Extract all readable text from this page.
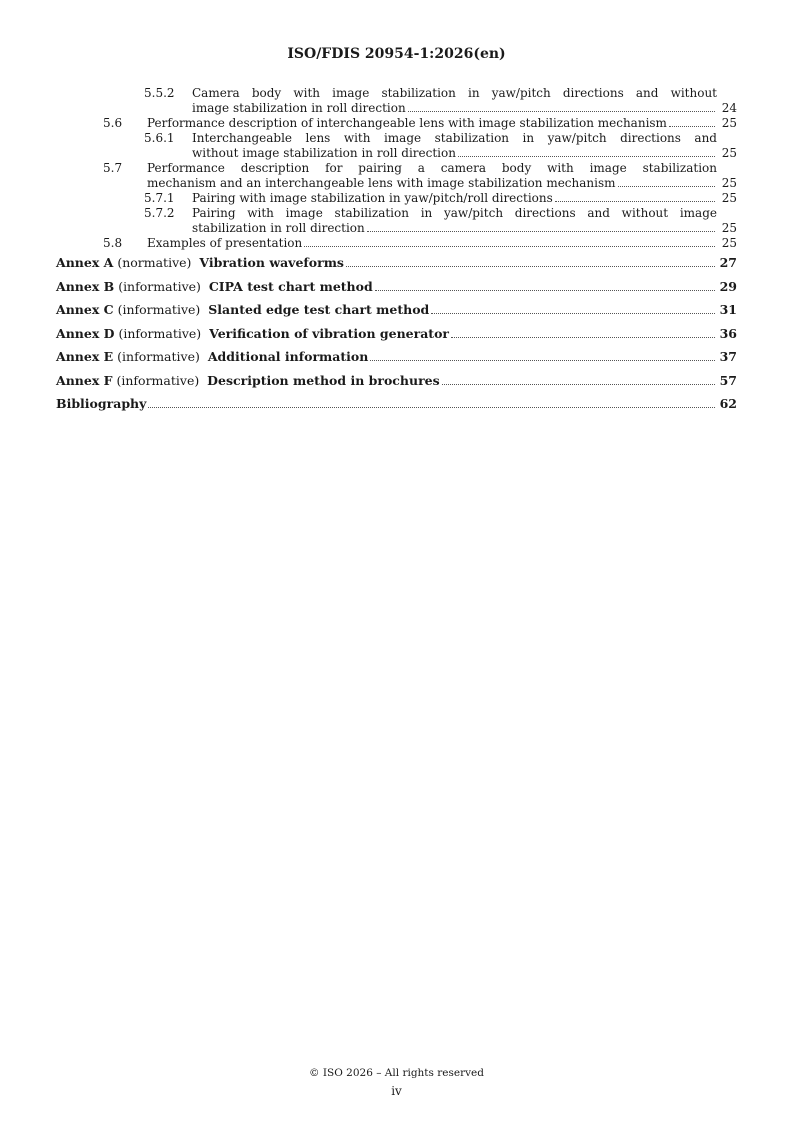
ISO/FDIS 20954-1:2026(en)
5.5.2 Camera body with image stabilization in yaw/pitch directions and without
image stabilization in roll direction	24
5.6 Performance description of interchangeable lens with image stabilization mechanism	25
5.6.1 Interchangeable lens with image stabilization in yaw/pitch directions and
without image stabilization in roll direction	25
5.7 Performance description for pairing a camera body with image stabilization
mechanism and an interchangeable lens with image stabilization mechanism	25
5.7.1 Pairing with image stabilization in yaw/pitch/roll directions	25
5.7.2 Pairing with image stabilization in yaw/pitch directions and without image
stabilization in roll direction	25
5.8 Examples of presentation	25
Annex A (normative) Vibration waveforms	27
Annex B (informative) CIPA test chart method	29
Annex C (informative) Slanted edge test chart method	31
Annex D (informative) Verification of vibration generator	36
Annex E (informative) Additional information	37
Annex F (informative) Description method in brochures	57
Bibliography	62
© ISO 2026 – All rights reserved
iv
